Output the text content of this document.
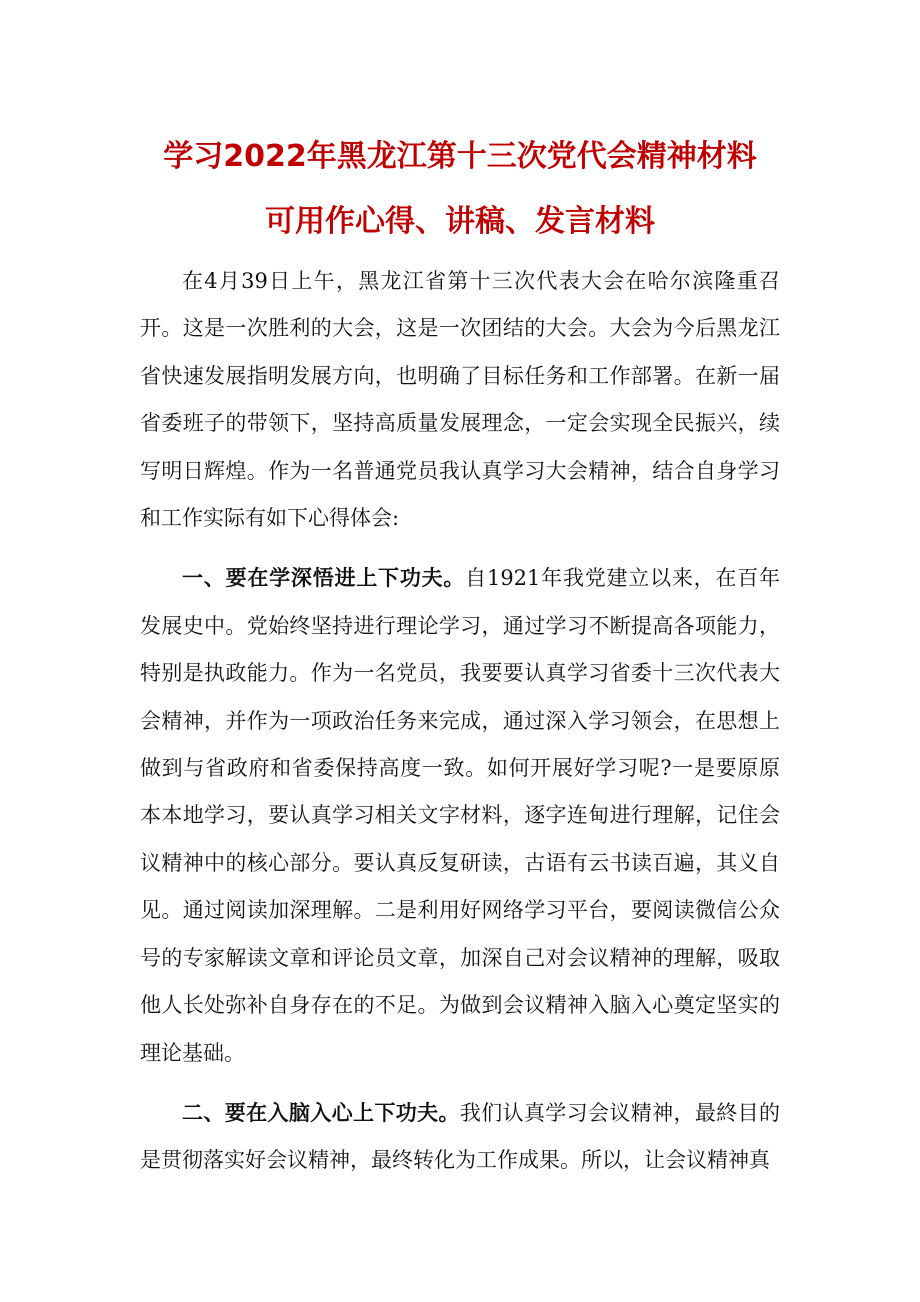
学习2022年黑龙江第十三次党代会精神材料
可用作心得、讲稿、发言材料

在4月39日上午，黑龙江省第十三次代表大会在哈尔滨隆重召开。这是一次胜利的大会，这是一次团结的大会。大会为今后黑龙江省快速发展指明发展方向，也明确了目标任务和工作部署。在新一届省委班子的带领下，坚持高质量发展理念，一定会实现全民振兴，续写明日辉煌。作为一名普通党员我认真学习大会精神，结合自身学习和工作实际有如下心得体会:

一、要在学深悟进上下功夫。自1921年我党建立以来，在百年发展史中。党始终坚持进行理论学习，通过学习不断提高各项能力，特别是执政能力。作为一名党员，我要要认真学习省委十三次代表大会精神，并作为一项政治任务来完成，通过深入学习领会，在思想上做到与省政府和省委保持高度一致。如何开展好学习呢?一是要原原本本地学习，要认真学习相关文字材料，逐字连甸进行理解，记住会议精神中的核心部分。要认真反复研读，古语有云书读百遍，其义自见。通过阅读加深理解。二是利用好网络学习平台，要阅读微信公众号的专家解读文章和评论员文章，加深自己对会议精神的理解，吸取他人长处弥补自身存在的不足。为做到会议精神入脑入心奠定坚实的理论基础。

二、要在入脑入心上下功夫。我们认真学习会议精神，最終目的是贯彻落实好会议精神，最终转化为工作成果。所以，让会议精神真
